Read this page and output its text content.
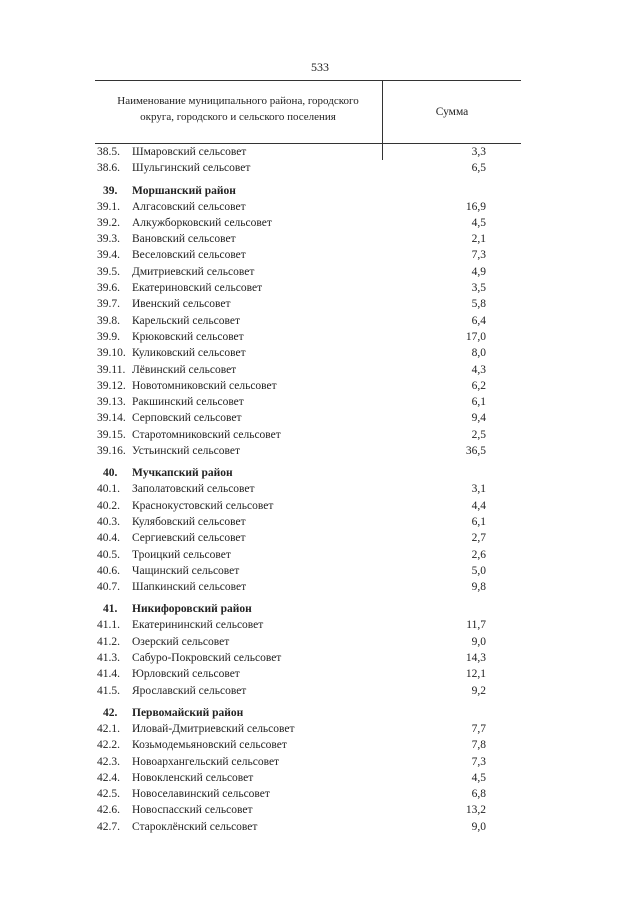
533
Наименование муниципального района, городского
округа, городского и сельского поселения	Сумма
38.5. Шмаровский сельсовет	3,3
38.6. Шульгинский сельсовет	6,5
39. Моршанский район
39.1. Алгасовский сельсовет	16,9
39.2. Алкужборковский сельсовет	4,5
39.3. Вановский сельсовет	2,1
39.4. Веселовский сельсовет	7,3
39.5. Дмитриевский сельсовет	4,9
39.6. Екатериновский сельсовет	3,5
39.7. Ивенский сельсовет	5,8
39.8. Карельский сельсовет	6,4
39.9. Крюковский сельсовет	17,0
39.10. Куликовский сельсовет	8,0
39.11. Лёвинский сельсовет	4,3
39.12. Новотомниковский сельсовет	6,2
39.13. Ракшинский сельсовет	6,1
39.14. Серповский сельсовет	9,4
39.15. Старотомниковский сельсовет	2,5
39.16. Устьинский сельсовет	36,5
40. Мучкапский район
40.1. Заполатовский сельсовет	3,1
40.2. Краснокустовский сельсовет	4,4
40.3. Кулябовский сельсовет	6,1
40.4. Сергиевский сельсовет	2,7
40.5. Троицкий сельсовет	2,6
40.6. Чащинский сельсовет	5,0
40.7. Шапкинский сельсовет	9,8
41. Никифоровский район
41.1. Екатерининский сельсовет	11,7
41.2. Озерский сельсовет	9,0
41.3. Сабуро-Покровский сельсовет	14,3
41.4. Юрловский сельсовет	12,1
41.5. Ярославский сельсовет	9,2
42. Первомайский район
42.1. Иловай-Дмитриевский сельсовет	7,7
42.2. Козьмодемьяновский сельсовет	7,8
42.3. Новоархангельский сельсовет	7,3
42.4. Новокленский сельсовет	4,5
42.5. Новоселавинский сельсовет	6,8
42.6. Новоспасский сельсовет	13,2
42.7. Староклёнский сельсовет	9,0
